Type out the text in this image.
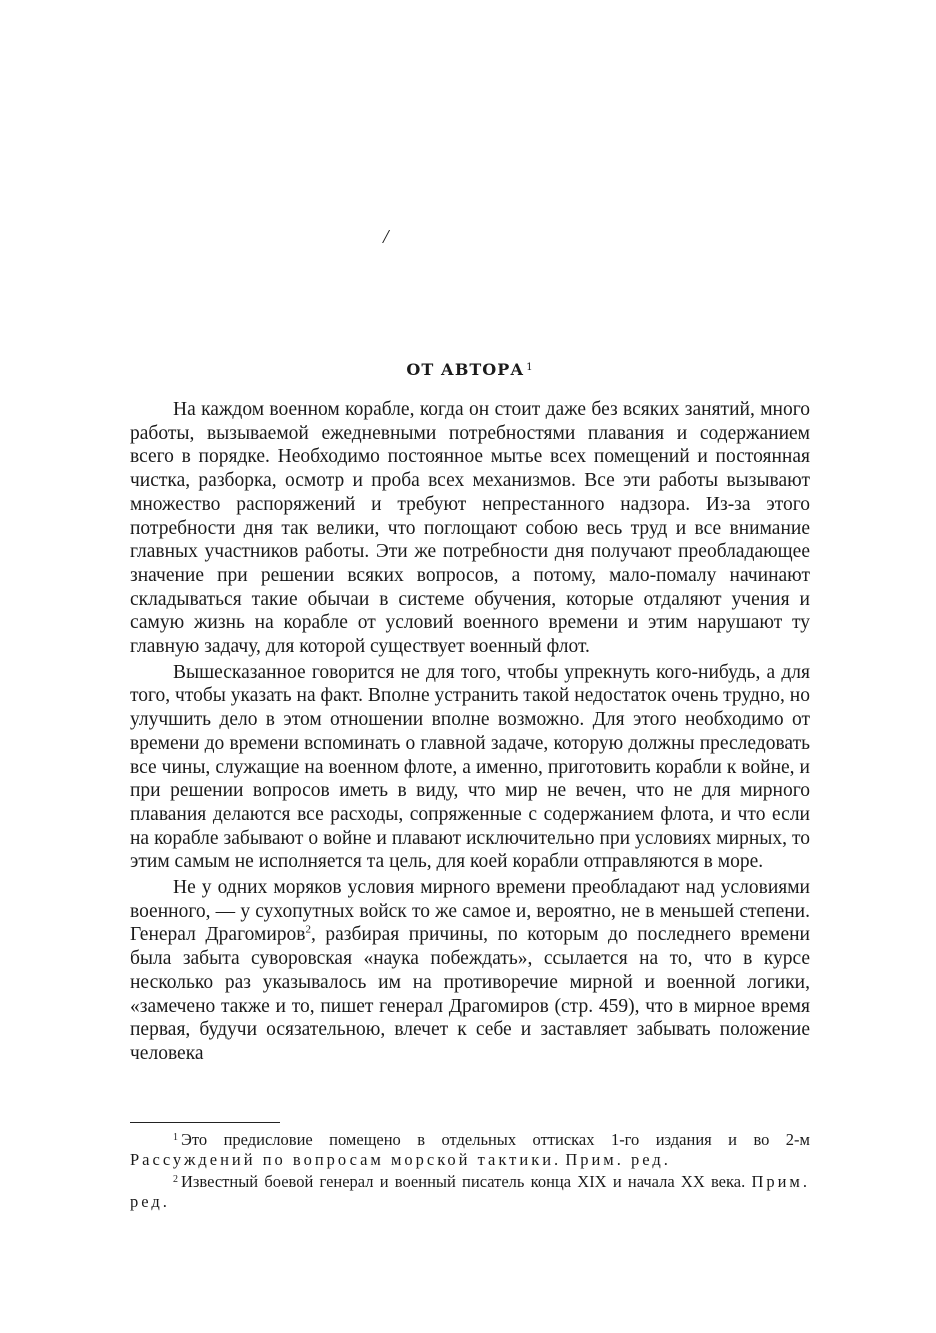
/
ОТ АВТОРА $^1$

На каждом военном корабле, когда он стоит даже без всяких занятий, много работы, вызываемой ежедневными потребностями плавания и содержанием всего в порядке. Необходимо постоянное мытье всех помещений и постоянная чистка, разборка, осмотр и проба всех механизмов. Все эти работы вызывают множество распоряжений и требуют непрестанного надзора. Из-за этого потребности дня так велики, что поглощают собою весь труд и все внимание главных участников работы. Эти же потребности дня получают преобладающее значение при решении всяких вопросов, а потому, мало-помалу начинают складываться такие обычаи в системе обучения, которые отдаляют учения и самую жизнь на корабле от условий военного времени и этим нарушают ту главную задачу, для которой существует военный флот.

Вышесказанное говорится не для того, чтобы упрекнуть кого-нибудь, а для того, чтобы указать на факт. Вполне устранить такой недостаток очень трудно, но улучшить дело в этом отношении вполне возможно. Для этого необходимо от времени до времени вспоминать о главной задаче, которую должны преследовать все чины, служащие на военном флоте, а именно, приготовить корабли к войне, и при решении вопросов иметь в виду, что мир не вечен, что не для мирного плавания делаются все расходы, сопряженные с содержанием флота, и что если на корабле забывают о войне и плавают исключительно при условиях мирных, то этим самым не исполняется та цель, для коей корабли отправляются в море.

Не у одних моряков условия мирного времени преобладают над условиями военного, — у сухопутных войск то же самое и, вероятно, не в меньшей степени. Генерал Драгомиров$^2$, разбирая причины, по которым до последнего времени была забыта суворовская «наука побеждать», ссылается на то, что в курсе несколько раз указывалось им на противоречие мирной и военной логики, «замечено также и то, пишет генерал Драгомиров (стр. 459), что в мирное время первая, будучи осязательною, влечет к себе и заставляет забывать положение человека

$^1$ Это предисловие помещено в отдельных оттисках 1-го издания и во 2-м Рассуждений по вопросам морской тактики. Прим. ред.

$^2$ Известный боевой генерал и военный писатель конца XIX и начала XX века. Прим. ред.
